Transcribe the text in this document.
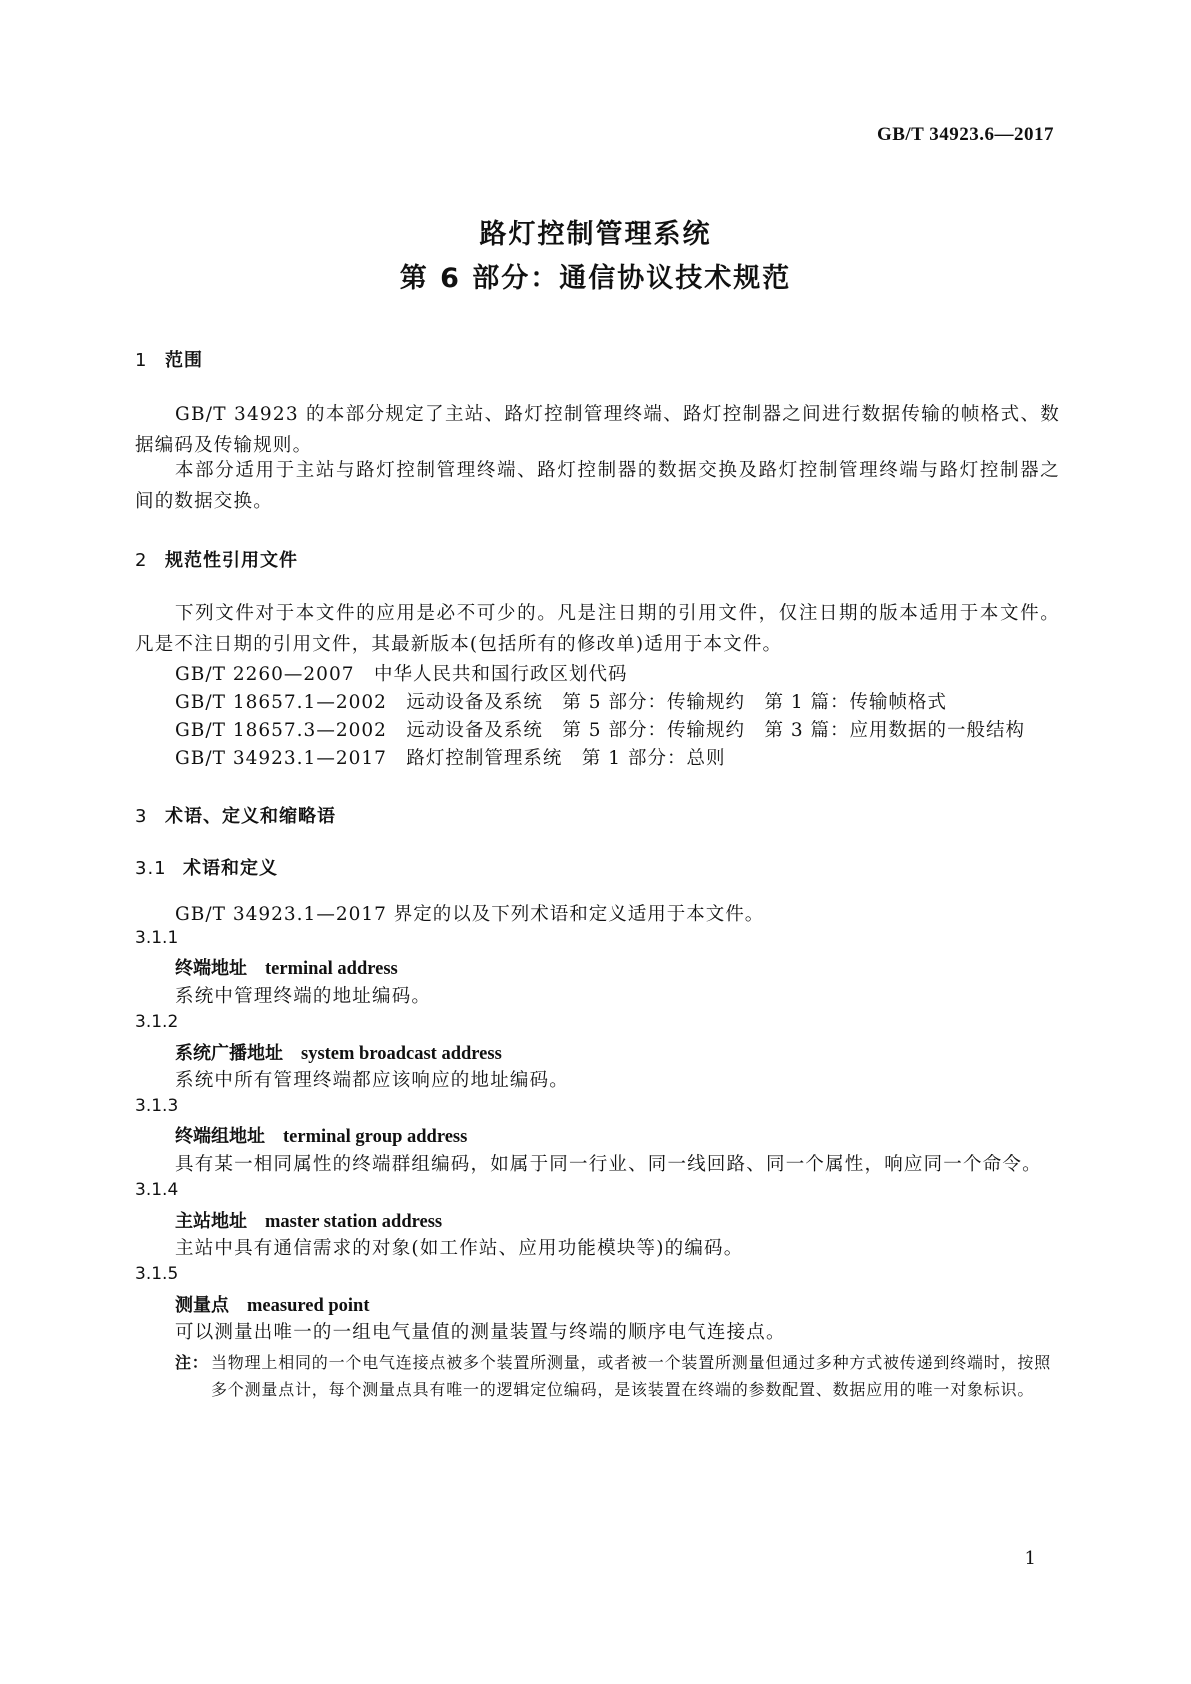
GB/T 34923.6—2017
路灯控制管理系统
第 6 部分：通信协议技术规范
1 范围
GB/T 34923 的本部分规定了主站、路灯控制管理终端、路灯控制器之间进行数据传输的帧格式、数据编码及传输规则。
本部分适用于主站与路灯控制管理终端、路灯控制器的数据交换及路灯控制管理终端与路灯控制器之间的数据交换。
2 规范性引用文件
下列文件对于本文件的应用是必不可少的。凡是注日期的引用文件，仅注日期的版本适用于本文件。凡是不注日期的引用文件，其最新版本(包括所有的修改单)适用于本文件。
GB/T 2260—2007　中华人民共和国行政区划代码
GB/T 18657.1—2002　远动设备及系统　第 5 部分：传输规约　第 1 篇：传输帧格式
GB/T 18657.3—2002　远动设备及系统　第 5 部分：传输规约　第 3 篇：应用数据的一般结构
GB/T 34923.1—2017　路灯控制管理系统　第 1 部分：总则
3 术语、定义和缩略语
3.1 术语和定义
GB/T 34923.1—2017 界定的以及下列术语和定义适用于本文件。
3.1.1
终端地址 terminal address
系统中管理终端的地址编码。
3.1.2
系统广播地址 system broadcast address
系统中所有管理终端都应该响应的地址编码。
3.1.3
终端组地址 terminal group address
具有某一相同属性的终端群组编码，如属于同一行业、同一线回路、同一个属性，响应同一个命令。
3.1.4
主站地址 master station address
主站中具有通信需求的对象(如工作站、应用功能模块等)的编码。
3.1.5
测量点 measured point
可以测量出唯一的一组电气量值的测量装置与终端的顺序电气连接点。
注： 当物理上相同的一个电气连接点被多个装置所测量，或者被一个装置所测量但通过多种方式被传递到终端时，按照多个测量点计，每个测量点具有唯一的逻辑定位编码，是该装置在终端的参数配置、数据应用的唯一对象标识。
1
